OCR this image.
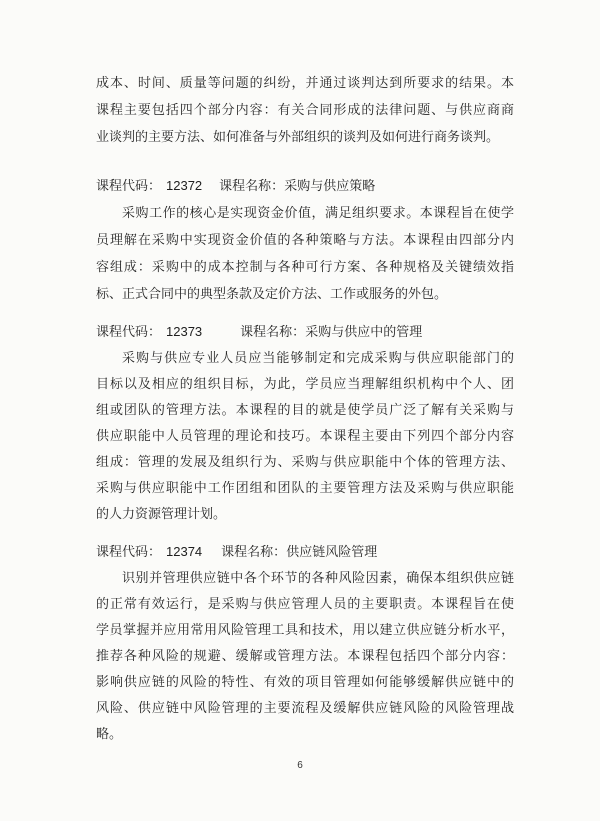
成本、时间、质量等问题的纠纷，并通过谈判达到所要求的结果。本
课程主要包括四个部分内容：有关合同形成的法律问题、与供应商商
业谈判的主要方法、如何准备与外部组织的谈判及如何进行商务谈判。
课程代码： 12372 课程名称： 采购与供应策略
采购工作的核心是实现资金价值，满足组织要求。本课程旨在使学
员理解在采购中实现资金价值的各种策略与方法。本课程由四部分内
容组成：采购中的成本控制与各种可行方案、各种规格及关键绩效指
标、正式合同中的典型条款及定价方法、工作或服务的外包。
课程代码： 12373	课程名称： 采购与供应中的管理
采购与供应专业人员应当能够制定和完成采购与供应职能部门的
目标以及相应的组织目标，为此，学员应当理解组织机构中个人、团
组或团队的管理方法。本课程的目的就是使学员广泛了解有关采购与
供应职能中人员管理的理论和技巧。本课程主要由下列四个部分内容
组成：管理的发展及组织行为、采购与供应职能中个体的管理方法、
采购与供应职能中工作团组和团队的主要管理方法及采购与供应职能
的人力资源管理计划。
课程代码： 12374 课程名称： 供应链风险管理
识别并管理供应链中各个环节的各种风险因素，确保本组织供应链
的正常有效运行，是采购与供应管理人员的主要职责。本课程旨在使
学员掌握并应用常用风险管理工具和技术，用以建立供应链分析水平，
推荐各种风险的规避、缓解或管理方法。本课程包括四个部分内容：
影响供应链的风险的特性、有效的项目管理如何能够缓解供应链中的
风险、供应链中风险管理的主要流程及缓解供应链风险的风险管理战
略。
6
